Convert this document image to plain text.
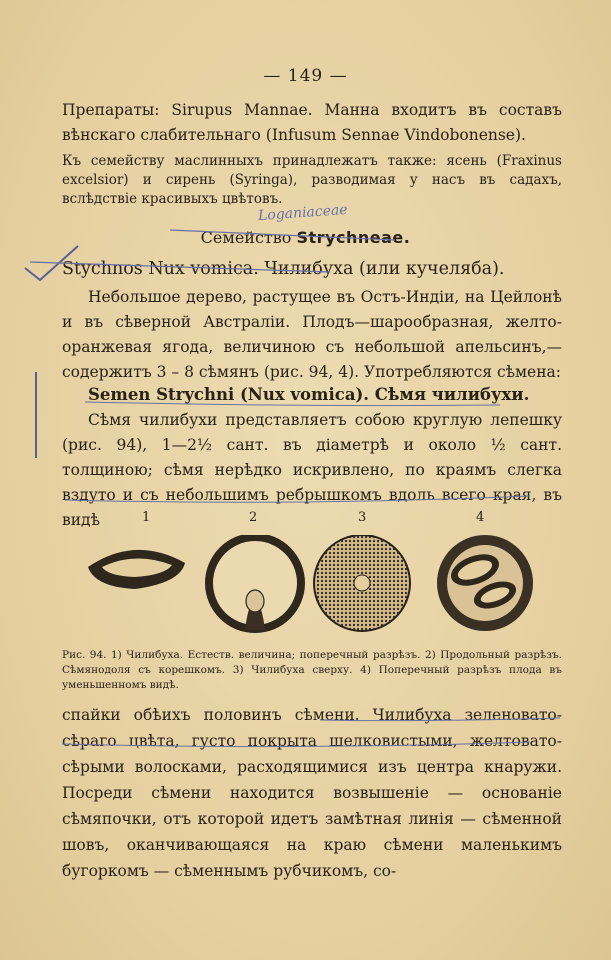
— 149 —
Препараты: Sirupus Mannae. Манна входитъ въ составъ вѣнскаго слабительнаго (Infusum Sennae Vindobonense).
Къ семейству маслинныхъ принадлежатъ также: ясень (Fraxinus excelsior) и сирень (Syringa), разводимая у насъ въ садахъ, вслѣдствіе красивыхъ цвѣтовъ.
Loganiaceae
Семейство Strychneae.
Stychnos Nux vomica. Чилибуха (или кучеляба).
Небольшое дерево, растущее въ Остъ-Индіи, на Цейлонѣ и въ сѣверной Австраліи. Плодъ—шарообразная, желто-оранжевая ягода, величиною съ небольшой апельсинъ,—содержитъ 3 – 8 сѣмянъ (рис. 94, 4). Употребляются сѣмена:
Semen Strychni (Nux vomica). Сѣмя чилибухи.
Сѣмя чилибухи представляетъ собою круглую лепешку (рис. 94), 1—2½ сант. въ діаметрѣ и около ½ сант. толщиною; сѣмя нерѣдко искривлено, по краямъ слегка вздуто и съ небольшимъ ребрышкомъ вдоль всего края, въ видѣ	1	2	3	4
Рис. 94. 1) Чилибуха. Естеств. величина; поперечный разрѣзъ. 2) Продольный разрѣзъ. Сѣмянодоля съ корешкомъ. 3) Чилибуха сверху. 4) Поперечный разрѣзъ плода въ уменьшенномъ видѣ.
спайки обѣихъ половинъ сѣмени. Чилибуха зеленовато-сѣраго цвѣта, густо покрыта шелковистыми, желтовато-сѣрыми волосками, расходящимися изъ центра кнаружи. Посреди сѣмени находится возвышеніе — основаніе сѣмяпочки, отъ которой идетъ замѣтная линія — сѣменной шовъ, оканчивающаяся на краю сѣмени маленькимъ бугоркомъ — сѣменнымъ рубчикомъ, со-
